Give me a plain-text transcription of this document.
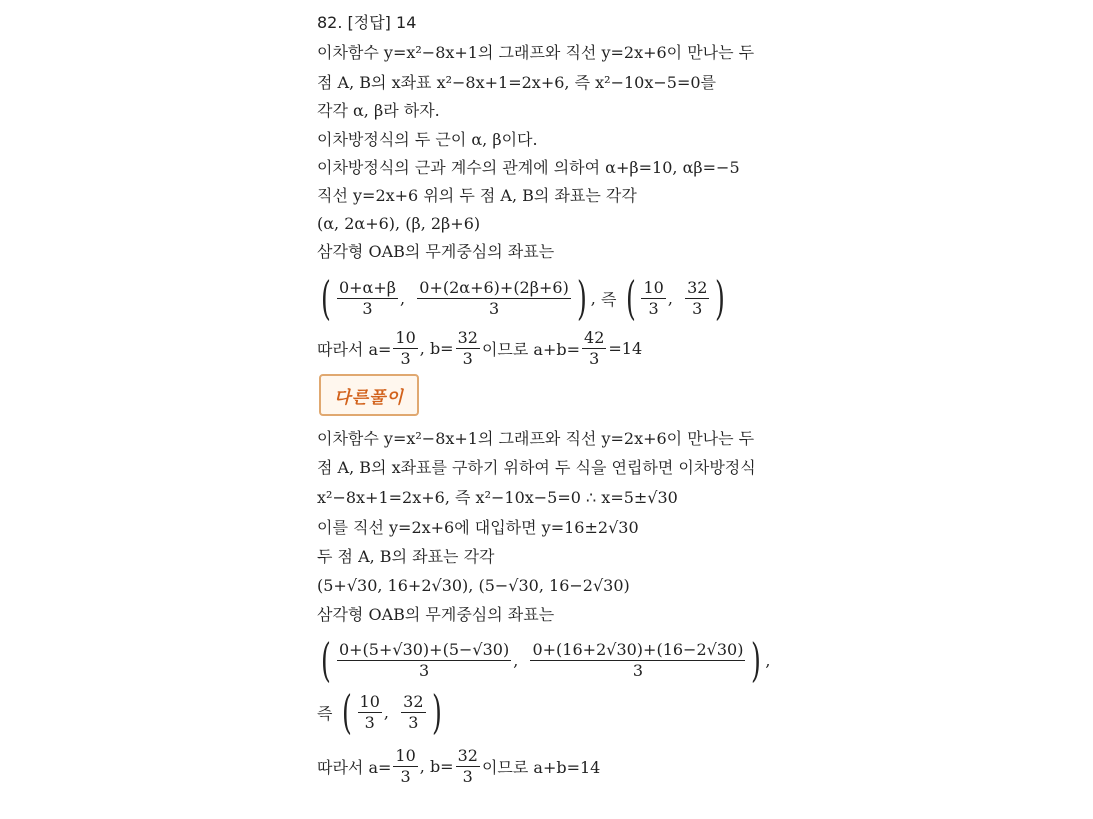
82. [정답] 14
이차함수 y=x²−8x+1의 그래프와 직선 y=2x+6이 만나는 두
점 A, B의 x좌표 x²−8x+1=2x+6, 즉 x²−10x−5=0를
각각 α, β라 하자.
이차방정식의 두 근이 α, β이다.
이차방정식의 근과 계수의 관계에 의하여 α+β=10, αβ=−5
직선 y=2x+6 위의 두 점 A, B의 좌표는 각각
(α, 2α+6), (β, 2β+6)
삼각형 OAB의 무게중심의 좌표는
( $\frac{0+\alpha+\beta}{3}$ , $\frac{0+(2\alpha+6)+(2\beta+6)}{3}$ ) , 즉
( $\frac{10}{3}$ , $\frac{32}{3}$ )
따라서 $a= \frac{10}{3}$ , $b= \frac{32}{3}$ 이므로 $a+b= \frac{42}{3} =14$
다른풀이
이차함수 y=x²−8x+1의 그래프와 직선 y=2x+6이 만나는 두
점 A, B의 x좌표를 구하기 위하여 두 식을 연립하면 이차방정식
x²−8x+1=2x+6, 즉 x²−10x−5=0 ∴ x=5±√30
이를 직선 y=2x+6에 대입하면 y=16±2√30
두 점 A, B의 좌표는 각각
(5+√30, 16+2√30), (5−√30, 16−2√30)
삼각형 OAB의 무게중심의 좌표는
( $\frac{0+(5+√30)+(5-√30)}{3}$ , $\frac{0+(16+2√30)+(16-2√30)}{3}$ ) ,
즉
( $\frac{10}{3}$ , $\frac{32}{3}$ )
따라서 $a= \frac{10}{3}$ , $b= \frac{32}{3}$ 이므로 a+b=14
